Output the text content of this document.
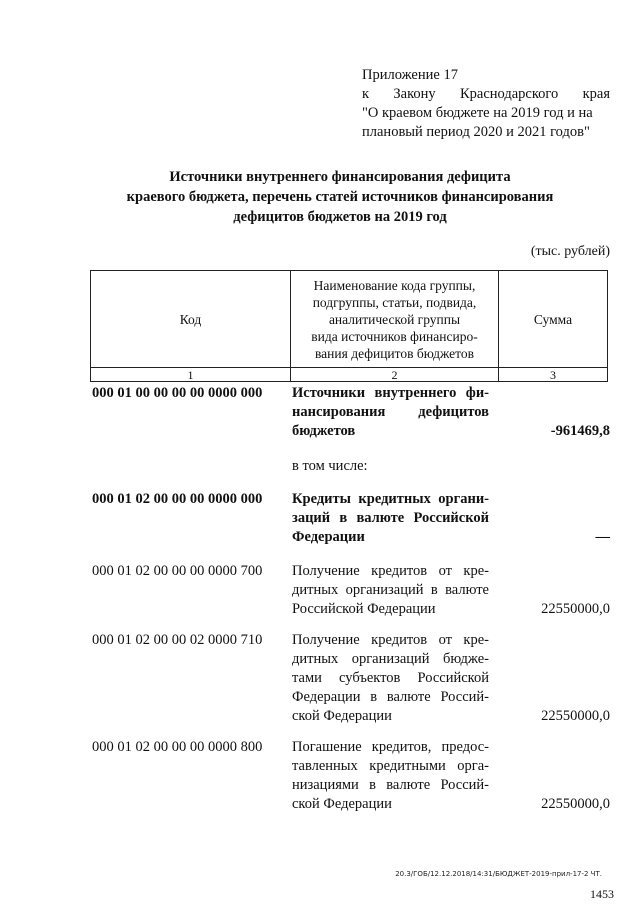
Приложение 17
к Закону Краснодарского края
"О краевом бюджете на 2019 год и на
плановый период 2020 и 2021 годов"
Источники внутреннего финансирования дефицита
краевого бюджета, перечень статей источников финансирования
дефицитов бюджетов на 2019 год
(тыс. рублей)
Код
Наименование кода группы,
подгруппы, статьи, подвида,
аналитической группы
вида источников финансиро-
вания дефицитов бюджетов
Сумма
1	2	3
000 01 00 00 00 00 0000 000 Источники внутреннего фи-
нансирования дефицитов
бюджетов	-961469,8
в том числе:
000 01 02 00 00 00 0000 000 Кредиты кредитных органи-
заций в валюте Российской
Федерации	—
000 01 02 00 00 00 0000 700 Получение кредитов от кре-
дитных организаций в валюте
Российской Федерации	22550000,0
000 01 02 00 00 02 0000 710 Получение кредитов от кре-
дитных организаций бюдже-
тами субъектов Российской
Федерации в валюте Россий-
ской Федерации	22550000,0
000 01 02 00 00 00 0000 800 Погашение кредитов, предос-
тавленных кредитными орга-
низациями в валюте Россий-
ской Федерации	22550000,0
20.3/ГОБ/12.12.2018/14:31/БЮДЖЕТ-2019-прил-17-2 ЧТ.
1453
